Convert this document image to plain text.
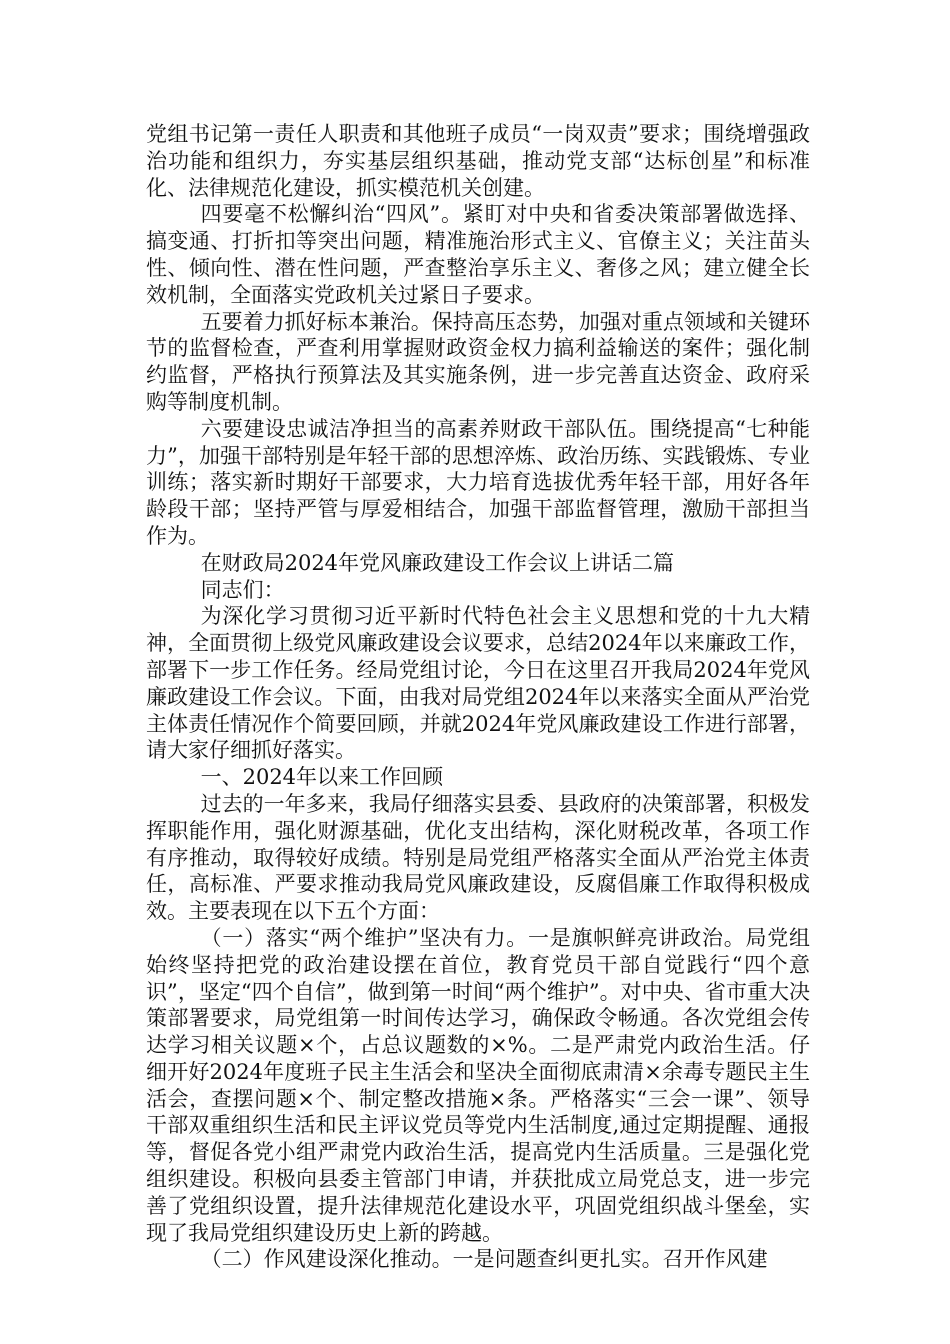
党组书记第一责任人职责和其他班子成员“一岗双责”要求；围绕增强政治功能和组织力，夯实基层组织基础，推动党支部“达标创星”和标准化、法律规范化建设，抓实模范机关创建。

四要毫不松懈纠治“四风”。紧盯对中央和省委决策部署做选择、搞变通、打折扣等突出问题，精准施治形式主义、官僚主义；关注苗头性、倾向性、潜在性问题，严查整治享乐主义、奢侈之风；建立健全长效机制，全面落实党政机关过紧日子要求。

五要着力抓好标本兼治。保持高压态势，加强对重点领域和关键环节的监督检查，严查利用掌握财政资金权力搞利益输送的案件；强化制约监督，严格执行预算法及其实施条例，进一步完善直达资金、政府采购等制度机制。

六要建设忠诚洁净担当的高素养财政干部队伍。围绕提高“七种能力”，加强干部特别是年轻干部的思想淬炼、政治历练、实践锻炼、专业训练；落实新时期好干部要求，大力培育选拔优秀年轻干部，用好各年龄段干部；坚持严管与厚爱相结合，加强干部监督管理，激励干部担当作为。

在财政局2024年党风廉政建设工作会议上讲话二篇

同志们：

为深化学习贯彻习近平新时代特色社会主义思想和党的十九大精神，全面贯彻上级党风廉政建设会议要求，总结2024年以来廉政工作，部署下一步工作任务。经局党组讨论，今日在这里召开我局2024年党风廉政建设工作会议。下面，由我对局党组2024年以来落实全面从严治党主体责任情况作个简要回顾，并就2024年党风廉政建设工作进行部署，请大家仔细抓好落实。

一、2024年以来工作回顾

过去的一年多来，我局仔细落实县委、县政府的决策部署，积极发挥职能作用，强化财源基础，优化支出结构，深化财税改革，各项工作有序推动，取得较好成绩。特别是局党组严格落实全面从严治党主体责任，高标准、严要求推动我局党风廉政建设，反腐倡廉工作取得积极成效。主要表现在以下五个方面：

（一）落实“两个维护”坚决有力。一是旗帜鲜亮讲政治。局党组始终坚持把党的政治建设摆在首位，教育党员干部自觉践行“四个意识”，坚定“四个自信”，做到第一时间“两个维护”。对中央、省市重大决策部署要求，局党组第一时间传达学习，确保政令畅通。各次党组会传达学习相关议题×个，占总议题数的×%。二是严肃党内政治生活。仔细开好2024年度班子民主生活会和坚决全面彻底肃清×余毒专题民主生活会，查摆问题×个、制定整改措施×条。严格落实“三会一课”、领导干部双重组织生活和民主评议党员等党内生活制度,通过定期提醒、通报等，督促各党小组严肃党内政治生活，提高党内生活质量。三是强化党组织建设。积极向县委主管部门申请，并获批成立局党总支，进一步完善了党组织设置，提升法律规范化建设水平，巩固党组织战斗堡垒，实现了我局党组织建设历史上新的跨越。

（二）作风建设深化推动。一是问题查纠更扎实。召开作风建
